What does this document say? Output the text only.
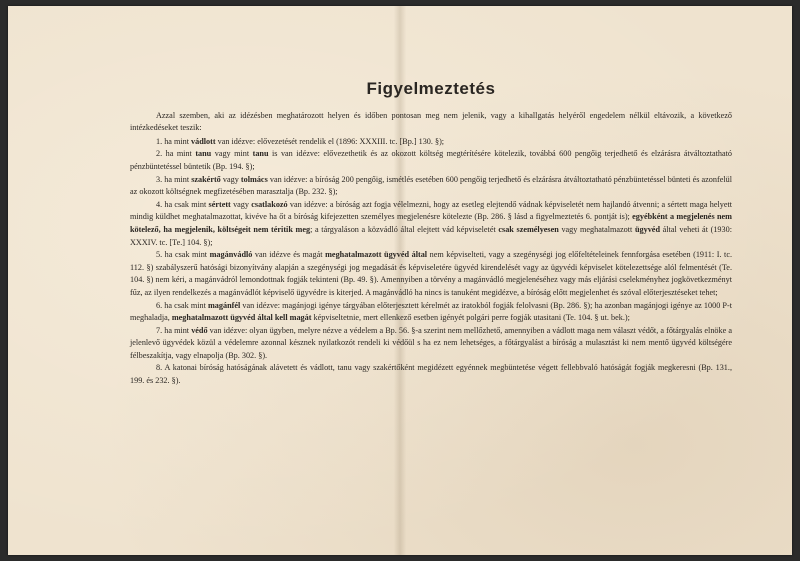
Figyelmeztetés

Azzal szemben, aki az idézésben meghatározott helyen és időben pontosan meg nem jelenik, vagy a kihallgatás helyéről engedelem nélkül eltávozik, a következő intézkedéseket teszik:

1. ha mint vádlott van idézve: elővezetését rendelik el (1896: XXXIII. tc. [Bp.] 130. §);

2. ha mint tanu vagy mint tanu is van idézve: elővezethetik és az okozott költség megtérítésére kötelezik, továbbá 600 pengőig terjedhető és elzárásra átváltoztatható pénzbüntetéssel büntetik (Bp. 194. §);

3. ha mint szakértő vagy tolmács van idézve: a bíróság 200 pengőig, ismétlés esetében 600 pengőig terjedhető és elzárásra átváltoztatható pénzbüntetéssel bünteti és azonfelül az okozott költségnek megfizetésében marasztalja (Bp. 232. §);

4. ha csak mint sértett vagy csatlakozó van idézve: a bíróság azt fogja vélelmezni, hogy az esetleg elejtendő vádnak képviseletét nem hajlandó átvenni; a sértett maga helyett mindig küldhet meghatalmazottat, kivéve ha őt a bíróság kifejezetten személyes megjelenésre kötelezte (Bp. 286. § lásd a figyelmeztetés 6. pontját is); egyébként a megjelenés nem kötelező, ha megjelenik, költségeit nem téritik meg; a tárgyaláson a közvádló által elejtett vád képviseletét csak személyesen vagy meghatalmazott ügyvéd által veheti át (1930: XXXIV. tc. [Te.] 104. §);

5. ha csak mint magánvádló van idézve és magát meghatalmazott ügyvéd által nem képviselteti, vagy a szegénységi jog előfeltételeinek fennforgása esetében (1911: I. tc. 112. §) szabályszerű hatósági bizonyítvány alapján a szegénységi jog megadását és képviseletére ügyvéd kirendelését vagy az ügyvédi képviselet kötelezettsége alól felmentését (Te. 104. §) nem kéri, a magánvádról lemondottnak fogják tekinteni (Bp. 49. §). Amennyiben a törvény a magánvádló megjelenéséhez vagy más eljárási cselekményhez jogkövetkezményt fűz, az ilyen rendelkezés a magánvádlót képviselő ügyvédre is kiterjed. A magánvádló ha nincs is tanuként megidézve, a bíróság előtt megjelenhet és szóval előterjesztéseket tehet;

6. ha csak mint magánfél van idézve: magánjogi igénye tárgyában előterjesztett kérelmét az iratokból fogják felolvasni (Bp. 286. §); ha azonban magánjogi igénye az 1000 P-t meghaladja, meghatalmazott ügyvéd által kell magát képviseltetnie, mert ellenkező esetben igényét polgári perre fogják utasitani (Te. 104. § ut. bek.);

7. ha mint védő van idézve: olyan ügyben, melyre nézve a védelem a Bp. 56. §-a szerint nem mellőzhető, amennyiben a vádlott maga nem választ védőt, a főtárgyalás elnöke a jelenlevő ügyvédek közül a védelemre azonnal késznek nyilatkozót rendeli ki védőül s ha ez nem lehetséges, a főtárgyalást a bíróság a mulasztást ki nem mentő ügyvéd költségére félbeszakítja, vagy elnapolja (Bp. 302. §).

8. A katonai bíróság hatóságának alávetett és vádlott, tanu vagy szakértőként megidézett egyénnek megbüntetése végett fellebbvaló hatóságát fogják megkeresni (Bp. 131., 199. és 232. §).
